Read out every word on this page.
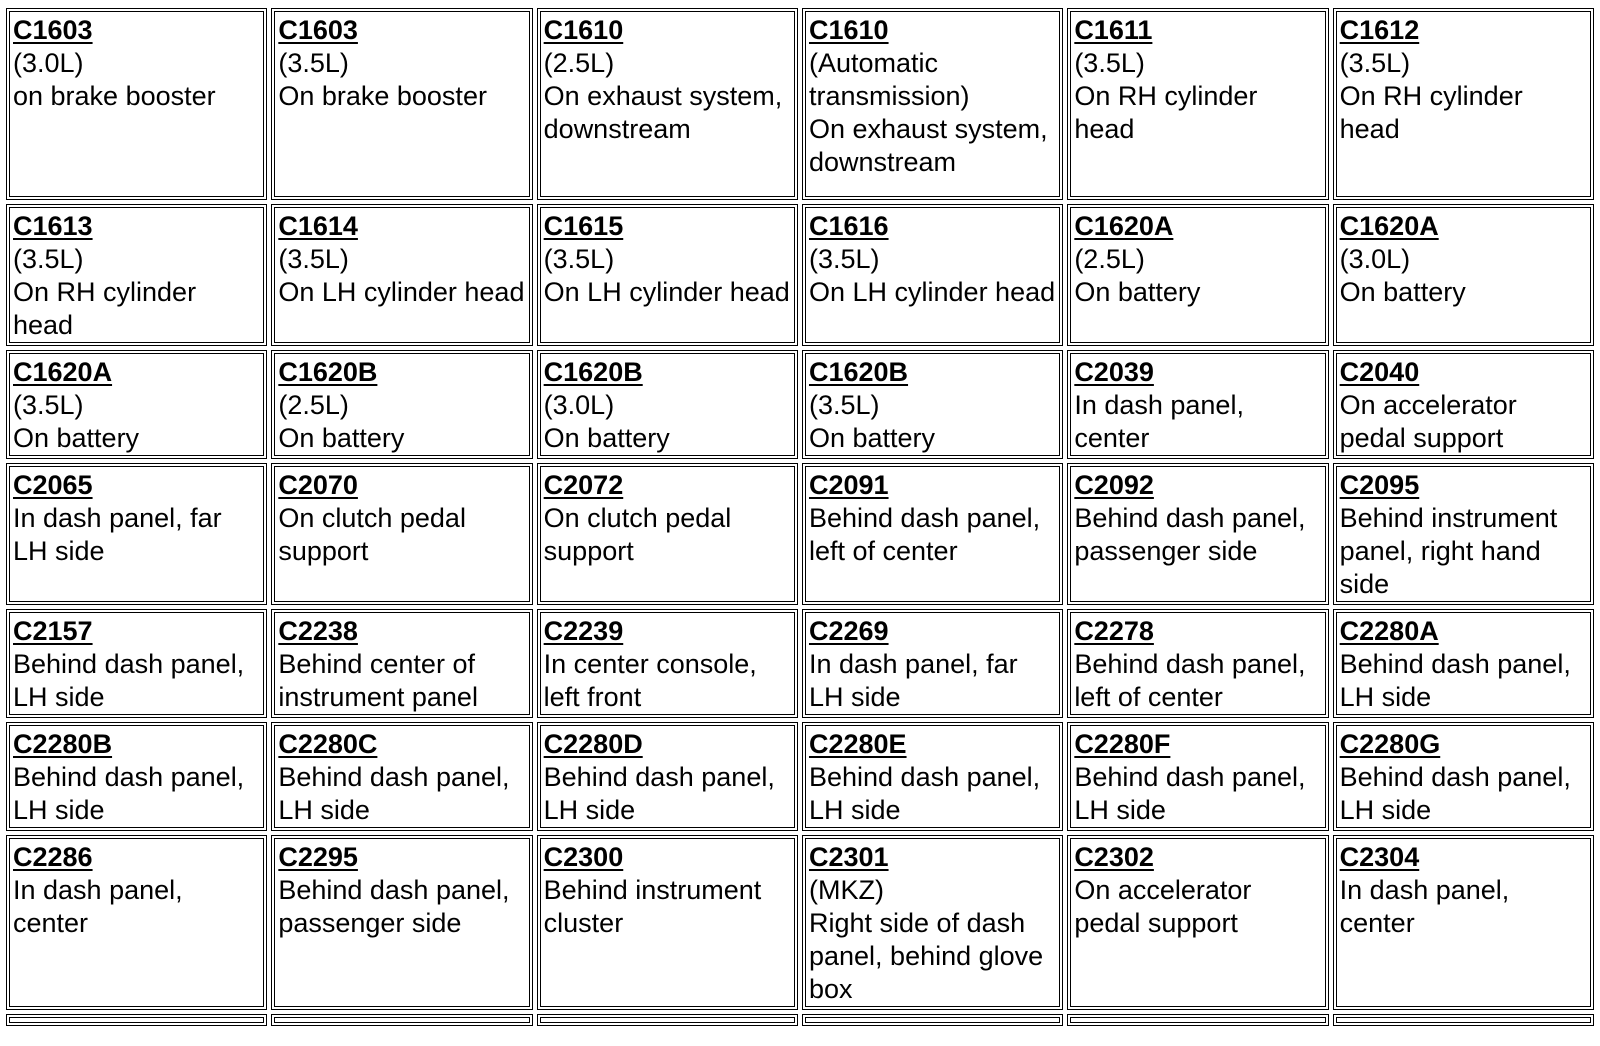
C1603
(3.0L)
on brake booster	C1603
(3.5L)
On brake booster	C1610
(2.5L)
On exhaust system, downstream	C1610
(Automatic transmission)
On exhaust system, downstream	C1611
(3.5L)
On RH cylinder head	C1612
(3.5L)
On RH cylinder head

C1613
(3.5L)
On RH cylinder head	C1614
(3.5L)
On LH cylinder head	C1615
(3.5L)
On LH cylinder head	C1616
(3.5L)
On LH cylinder head	C1620A
(2.5L)
On battery	C1620A
(3.0L)
On battery

C1620A
(3.5L)
On battery	C1620B
(2.5L)
On battery	C1620B
(3.0L)
On battery	C1620B
(3.5L)
On battery	C2039
In dash panel, center	C2040
On accelerator pedal support

C2065
In dash panel, far LH side	C2070
On clutch pedal support	C2072
On clutch pedal support	C2091
Behind dash panel, left of center	C2092
Behind dash panel, passenger side	C2095
Behind instrument panel, right hand side

C2157
Behind dash panel, LH side	C2238
Behind center of instrument panel	C2239
In center console, left front	C2269
In dash panel, far LH side	C2278
Behind dash panel, left of center	C2280A
Behind dash panel, LH side

C2280B
Behind dash panel, LH side	C2280C
Behind dash panel, LH side	C2280D
Behind dash panel, LH side	C2280E
Behind dash panel, LH side	C2280F
Behind dash panel, LH side	C2280G
Behind dash panel, LH side

C2286
In dash panel, center	C2295
Behind dash panel, passenger side	C2300
Behind instrument cluster	C2301
(MKZ)
Right side of dash panel, behind glove box	C2302
On accelerator pedal support	C2304
In dash panel, center
